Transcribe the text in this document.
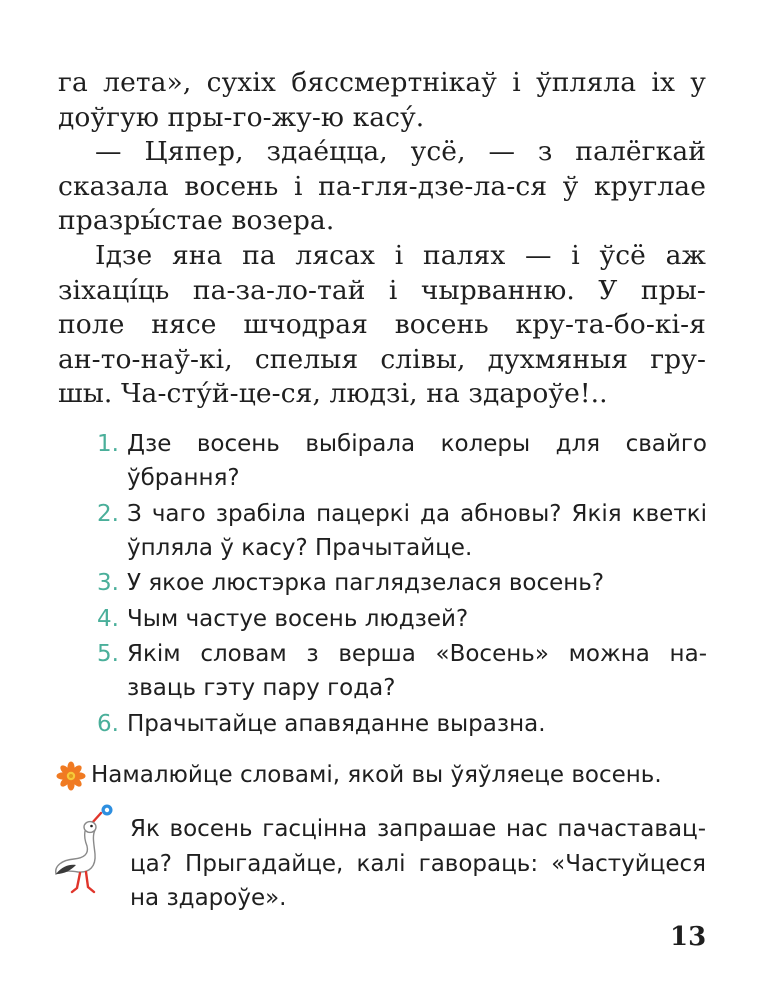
га лета», сухіх бяссмертнікаў і ўпляла іх у

доўгую пры-го-жу-ю касу́.

— Цяпер, здае́цца, усё, — з палёгкай

сказала восень і па-гля-дзе-ла-ся ў круглае

празры́стае возера.

Ідзе яна па лясах і палях — і ўсё аж

зіхаці́ць па-за-ло-тай і чырванню. У пры-

поле нясе шчодрая восень кру-та-бо-кі-я

ан-то-наў-кі, спелыя слівы, духмяныя гру-

шы. Ча-сту́й-це-ся, людзі, на здароўе!..

1. Дзе восень выбірала колеры для свайго
ўбрання?
2. З чаго зрабіла пацеркі да абновы? Якія кветкі
ўпляла ў касу? Прачытайце.
3. У якое люстэрка паглядзелася восень?
4. Чым частуе восень людзей?
5. Якім словам з верша «Восень» можна на-
зваць гэту пару года?
6. Прачытайце апавяданне выразна.
Намалюйце словамі, якой вы ўяўляеце восень.

Як восень гасцінна запрашае нас пачаставац-
ца? Прыгадайце, калі гавораць: «Частуйцеся
на здароўе».

13
